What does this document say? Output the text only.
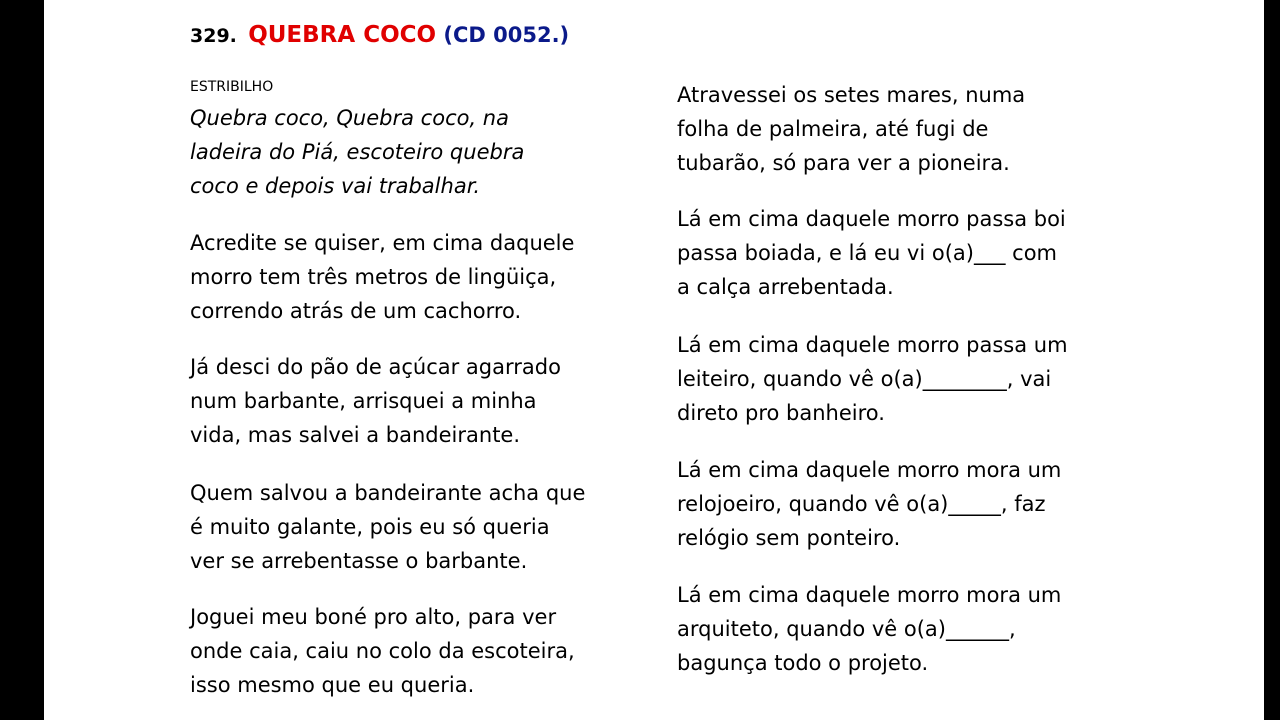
329. QUEBRA COCO (CD 0052.)
ESTRIBILHO
Quebra coco, Quebra coco, na
ladeira do Piá, escoteiro quebra
coco e depois vai trabalhar.
Acredite se quiser, em cima daquele
morro tem três metros de lingüiça,
correndo atrás de um cachorro.
Já desci do pão de açúcar agarrado
num barbante, arrisquei a minha
vida, mas salvei a bandeirante.
Quem salvou a bandeirante acha que
é muito galante, pois eu só queria
ver se arrebentasse o barbante.
Joguei meu boné pro alto, para ver
onde caia, caiu no colo da escoteira,
isso mesmo que eu queria.
Atravessei os setes mares, numa
folha de palmeira, até fugi de
tubarão, só para ver a pioneira.
Lá em cima daquele morro passa boi
passa boiada, e lá eu vi o(a)___ com
a calça arrebentada.
Lá em cima daquele morro passa um
leiteiro, quando vê o(a)________, vai
direto pro banheiro.
Lá em cima daquele morro mora um
relojoeiro, quando vê o(a)_____, faz
relógio sem ponteiro.
Lá em cima daquele morro mora um
arquiteto, quando vê o(a)______,
bagunça todo o projeto.
